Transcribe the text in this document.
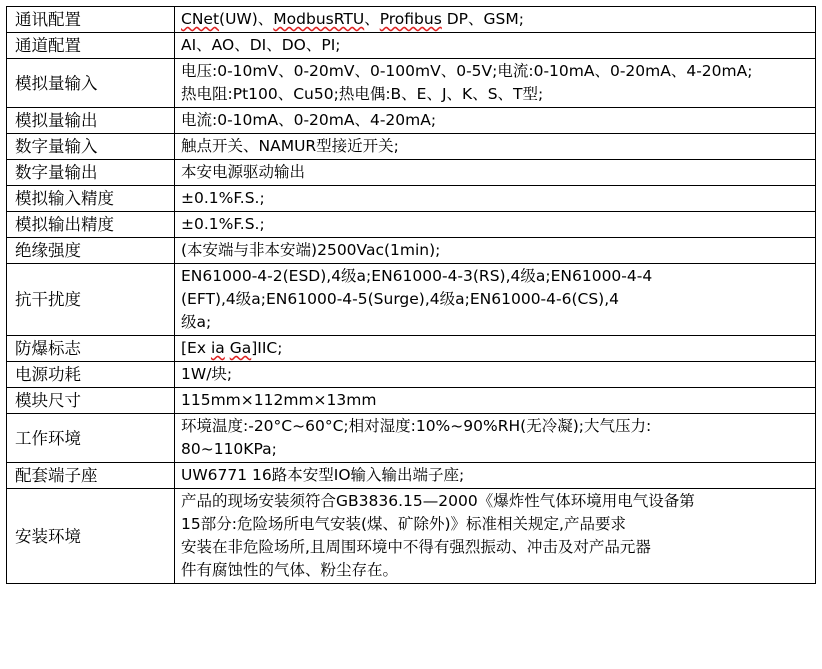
通讯配置	CNet(UW)、ModbusRTU、Profibus DP、GSM;

通道配置	AI、AO、DI、DO、PI;

模拟量输入	电压:0-10mV、0-20mV、0-100mV、0-5V;电流:0-10mA、0-20mA、4-20mA;
热电阻:Pt100、Cu50;热电偶:B、E、J、K、S、T型;

模拟量输出	电流:0-10mA、0-20mA、4-20mA;

数字量输入	触点开关、NAMUR型接近开关;

数字量输出	本安电源驱动输出

模拟输入精度	±0.1%F.S.;

模拟输出精度	±0.1%F.S.;

绝缘强度	(本安端与非本安端)2500Vac(1min);

抗干扰度	EN61000-4-2(ESD),4级a;EN61000-4-3(RS),4级a;EN61000-4-4
(EFT),4级a;EN61000-4-5(Surge),4级a;EN61000-4-6(CS),4
级a;

防爆标志	[Ex ia Ga]IIC;

电源功耗	1W/块;

模块尺寸	115mm×112mm×13mm

工作环境	环境温度:-20°C~60°C;相对湿度:10%~90%RH(无冷凝);大气压力:
80~110KPa;

配套端子座	UW6771 16路本安型IO输入输出端子座;

安装环境	产品的现场安装须符合GB3836.15—2000《爆炸性气体环境用电气设备第
15部分:危险场所电气安装(煤、矿除外)》标准相关规定,产品要求
安装在非危险场所,且周围环境中不得有强烈振动、冲击及对产品元器
件有腐蚀性的气体、粉尘存在。
